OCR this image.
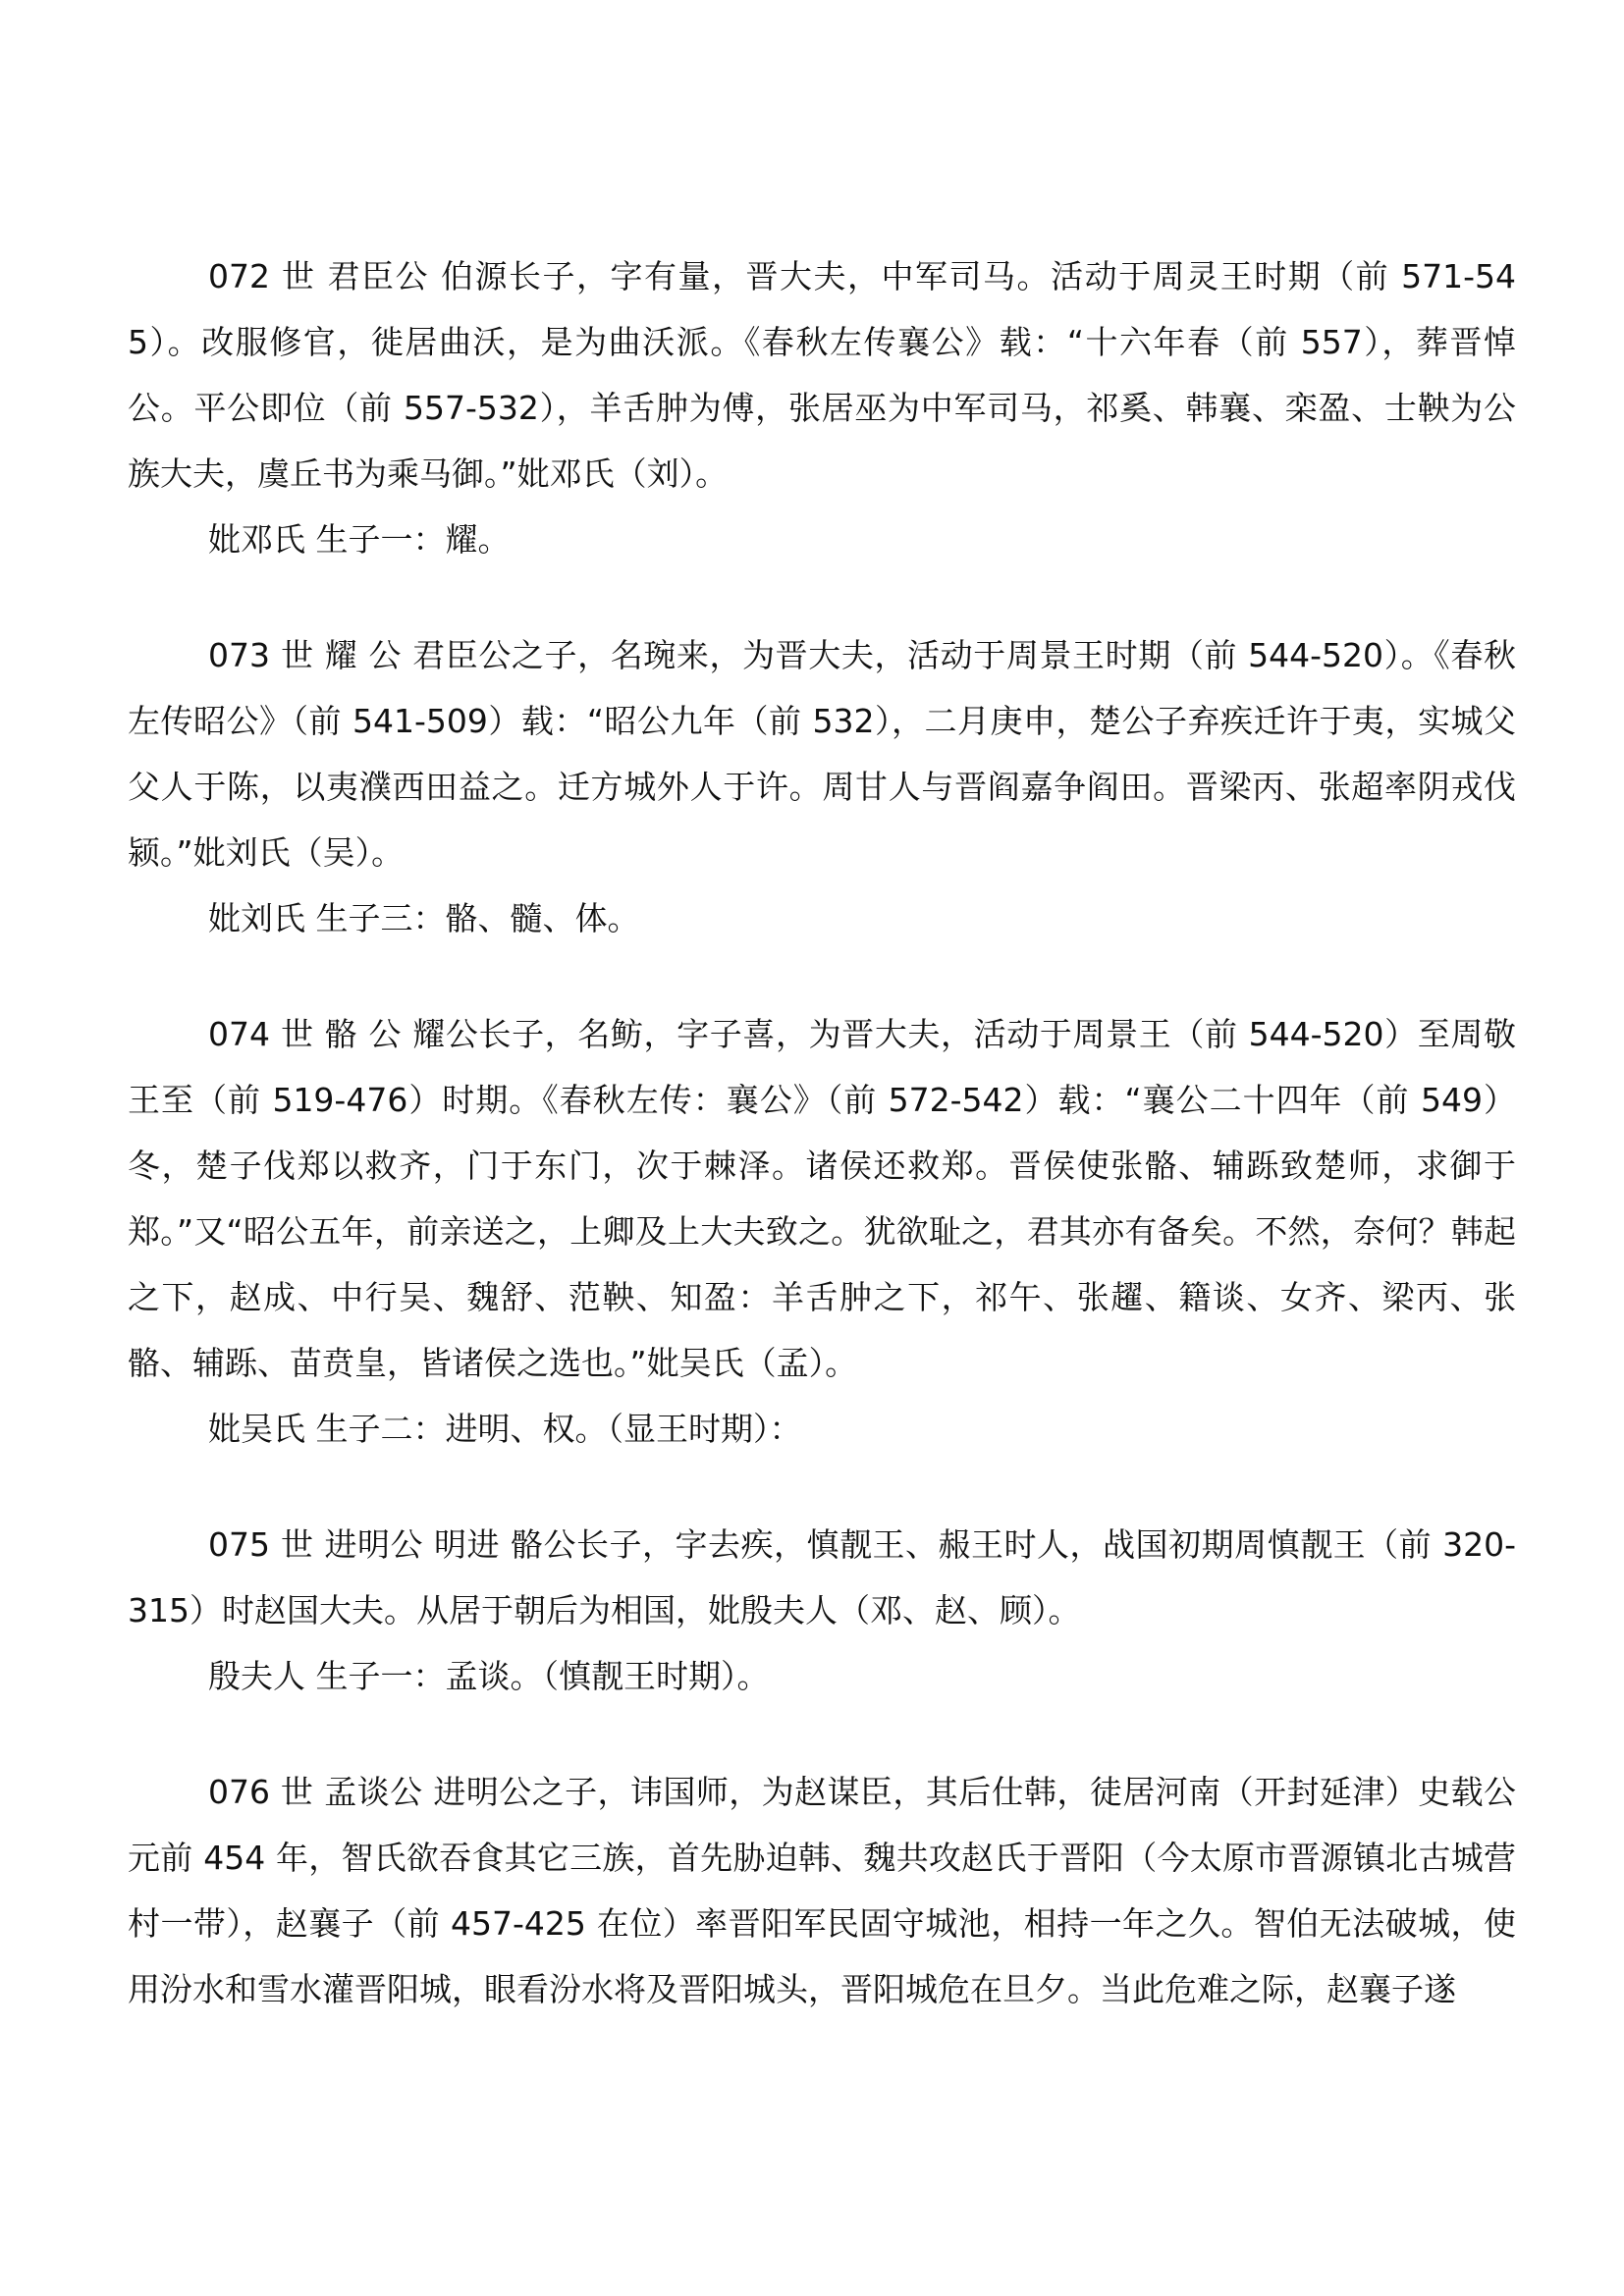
072 世 君臣公 伯源长子，字有量，晋大夫，中军司马。活动于周灵王时期（前 571-545）。改服修官，徙居曲沃，是为曲沃派。《春秋左传襄公》载：“十六年春（前 557），葬晋悼公。平公即位（前 557-532），羊舌肿为傅，张居巫为中军司马，祁奚、韩襄、栾盈、士鞅为公族大夫，虞丘书为乘马御。”妣邓氏（刘）。

妣邓氏 生子一：耀。

073 世 耀 公 君臣公之子，名琬来，为晋大夫，活动于周景王时期（前 544-520）。《春秋左传昭公》（前 541-509）载：“昭公九年（前 532），二月庚申，楚公子弃疾迁许于夷，实城父父人于陈，以夷濮西田益之。迁方城外人于许。周甘人与晋阎嘉争阎田。晋梁丙、张超率阴戎伐颍。”妣刘氏（吴）。

妣刘氏 生子三：骼、髓、体。

074 世 骼 公 耀公长子，名鲂，字子喜，为晋大夫，活动于周景王（前 544-520）至周敬王至（前 519-476）时期。《春秋左传：襄公》（前 572-542）载：“襄公二十四年（前 549）冬，楚子伐郑以救齐，门于东门，次于棘泽。诸侯还救郑。晋侯使张骼、辅跞致楚师，求御于郑。”又“昭公五年，前亲送之，上卿及上大夫致之。犹欲耻之，君其亦有备矣。不然，奈何？韩起之下，赵成、中行吴、魏舒、范鞅、知盈：羊舌肿之下，祁午、张趯、籍谈、女齐、梁丙、张骼、辅跞、苗贲皇，皆诸侯之选也。”妣吴氏（孟）。

妣吴氏 生子二：进明、权。（显王时期）：

075 世 进明公 明进 骼公长子，字去疾，慎靓王、赧王时人，战国初期周慎靓王（前 320-315）时赵国大夫。从居于朝后为相国，妣殷夫人（邓、赵、顾）。

殷夫人 生子一：孟谈。（慎靓王时期）。

076 世 孟谈公 进明公之子，讳国师，为赵谋臣，其后仕韩，徒居河南（开封延津）史载公元前 454 年，智氏欲吞食其它三族，首先胁迫韩、魏共攻赵氏于晋阳（今太原市晋源镇北古城营村一带），赵襄子（前 457-425 在位）率晋阳军民固守城池，相持一年之久。智伯无法破城，使用汾水和雪水灌晋阳城，眼看汾水将及晋阳城头，晋阳城危在旦夕。当此危难之际，赵襄子遂
